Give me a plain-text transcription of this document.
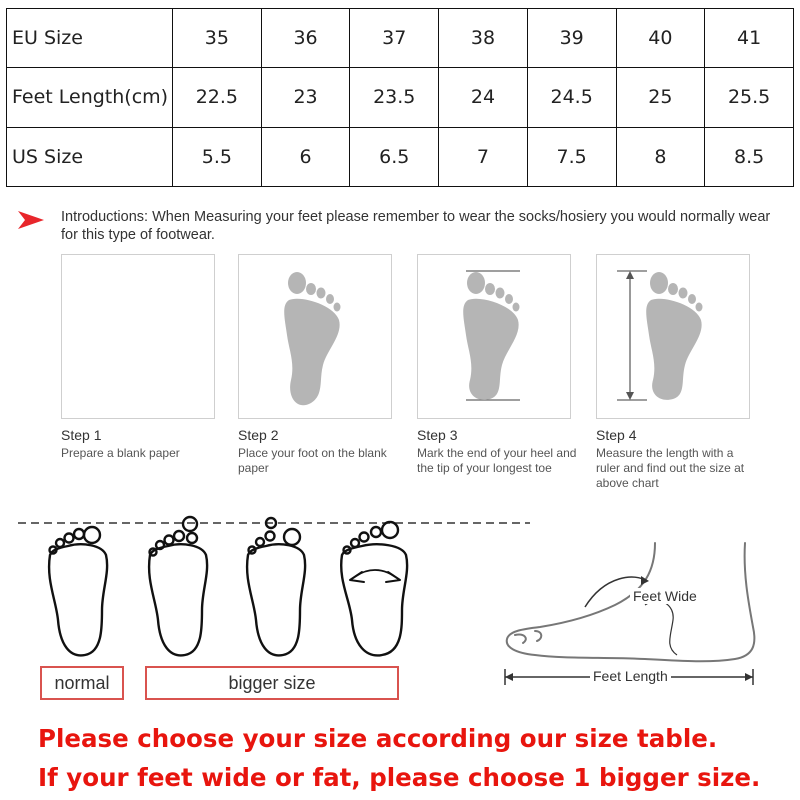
EU Size	35	36	37	38	39	40	41
Feet Length(cm)	22.5	23	23.5	24	24.5	25	25.5
US Size	5.5	6	6.5	7	7.5	8	8.5
Introductions: When Measuring your feet please remember to wear the socks/hosiery you would normally wear for this type of footwear.
Step 1
Prepare a blank paper
Step 2
Place your foot on the blank paper
Step 3
Mark the end of your heel and the tip of your longest toe
Step 4
Measure the length with a ruler and find out the size at above chart
normal	bigger size
Feet Wide
Feet Length
Please choose your size according our size table.
If your feet wide or fat, please choose 1 bigger size.
